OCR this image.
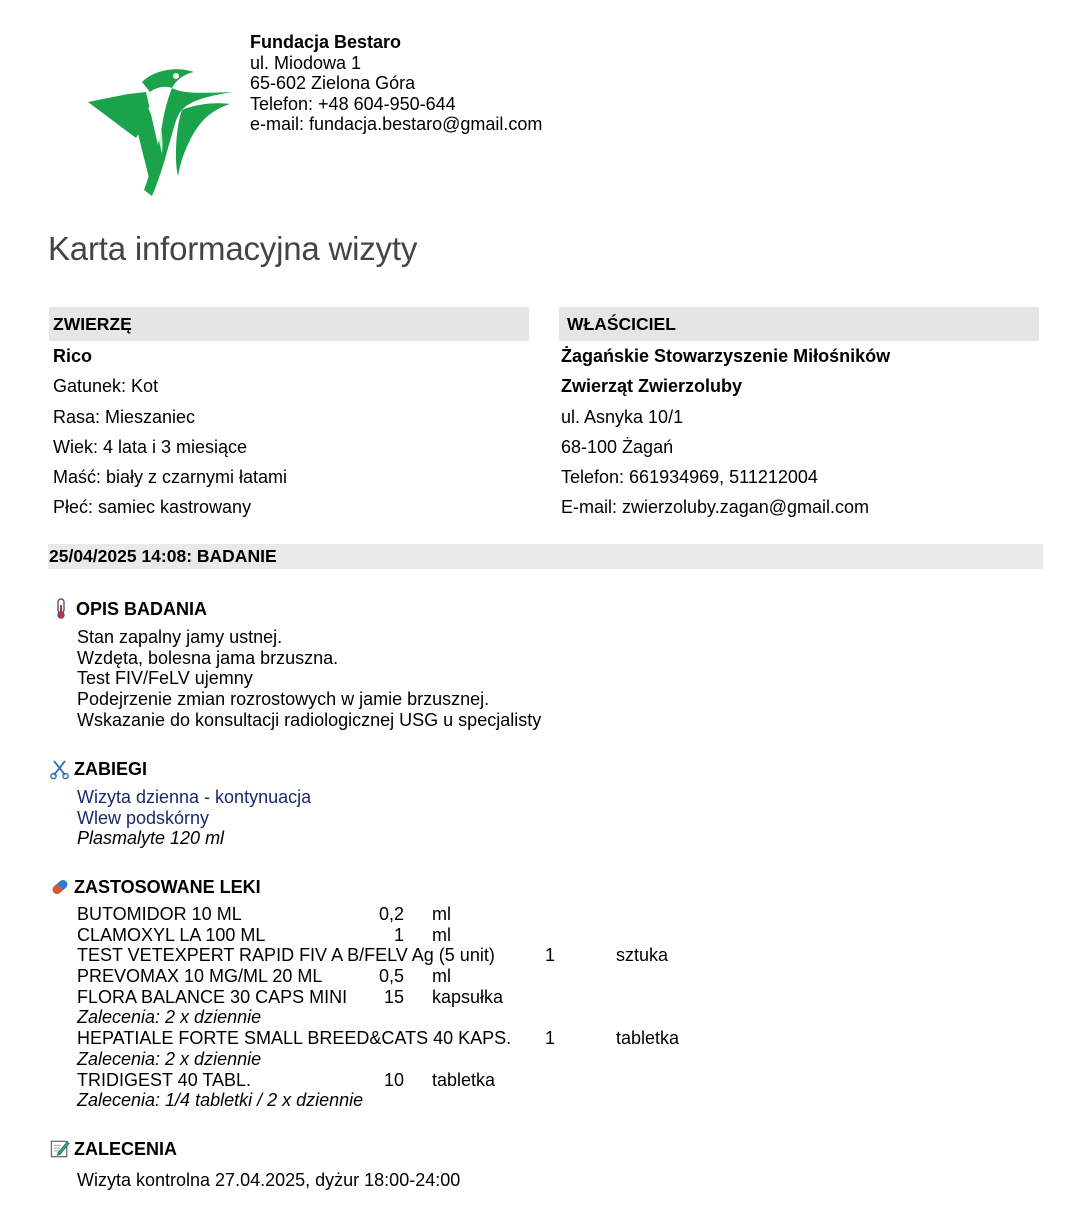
Fundacja Bestaro
ul. Miodowa 1
65-602 Zielona Góra
Telefon: +48 604-950-644
e-mail: fundacja.bestaro@gmail.com
Karta informacyjna wizyty
ZWIERZĘ	WŁAŚCICIEL
Rico
Gatunek: Kot
Rasa: Mieszaniec
Wiek: 4 lata i 3 miesiące
Maść: biały z czarnymi łatami
Płeć: samiec kastrowany
Żagańskie Stowarzyszenie Miłośników
Zwierząt Zwierzoluby
ul. Asnyka 10/1
68-100 Żagań
Telefon: 661934969, 511212004
E-mail: zwierzoluby.zagan@gmail.com
25/04/2025 14:08: BADANIE
OPIS BADANIA
Stan zapalny jamy ustnej.
Wzdęta, bolesna jama brzuszna.
Test FIV/FeLV ujemny
Podejrzenie zmian rozrostowych w jamie brzusznej.
Wskazanie do konsultacji radiologicznej USG u specjalisty
ZABIEGI
Wizyta dzienna - kontynuacja
Wlew podskórny
Plasmalyte 120 ml
ZASTOSOWANE LEKI
BUTOMIDOR 10 ML	0,2 ml
CLAMOXYL LA 100 ML	1 ml
TEST VETEXPERT RAPID FIV A B/FELV Ag (5 unit)	1	sztuka
PREVOMAX 10 MG/ML 20 ML	0,5 ml
FLORA BALANCE 30 CAPS MINI	15 kapsułka
Zalecenia: 2 x dziennie
HEPATIALE FORTE SMALL BREED&CATS 40 KAPS.	1	tabletka
Zalecenia: 2 x dziennie
TRIDIGEST 40 TABL.	10 tabletka
Zalecenia: 1/4 tabletki / 2 x dziennie
ZALECENIA
Wizyta kontrolna 27.04.2025, dyżur 18:00-24:00
